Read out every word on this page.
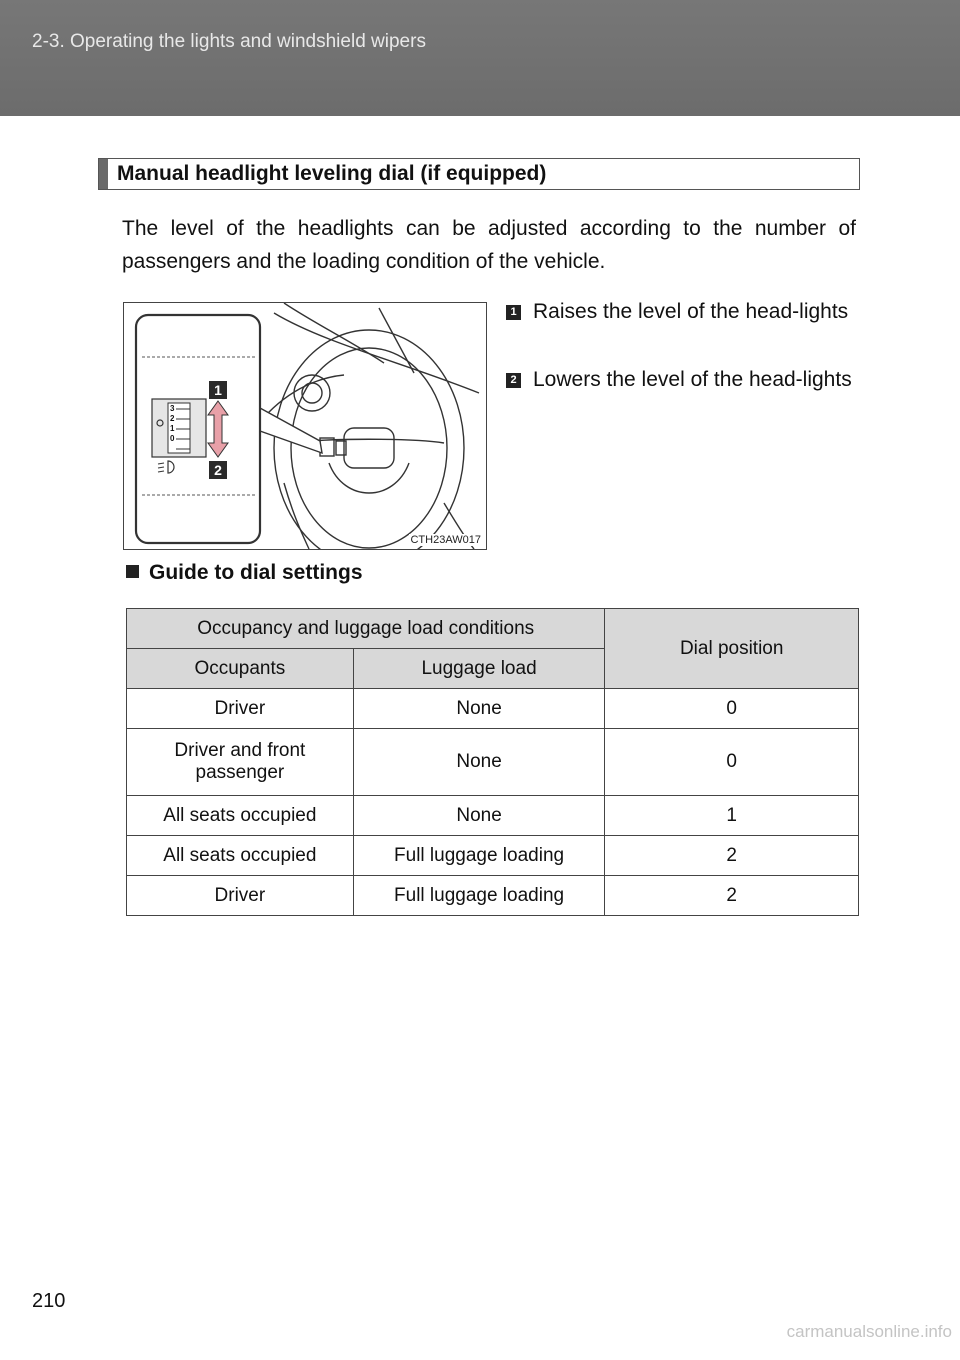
2-3. Operating the lights and windshield wipers
Manual headlight leveling dial (if equipped)
The level of the headlights can be adjusted according to the number of passengers and the loading condition of the vehicle.
3
2
1
0
1
2
CTH23AW017
1 Raises the level of the head-lights
2 Lowers the level of the head-lights
Guide to dial settings
Occupancy and luggage load conditions		Dial position
Occupants	Luggage load	
Driver	None	0
Driver and front passenger	None	0
All seats occupied	None	1
All seats occupied	Full luggage loading	2
Driver	Full luggage loading	2
210
carmanualsonline.info
